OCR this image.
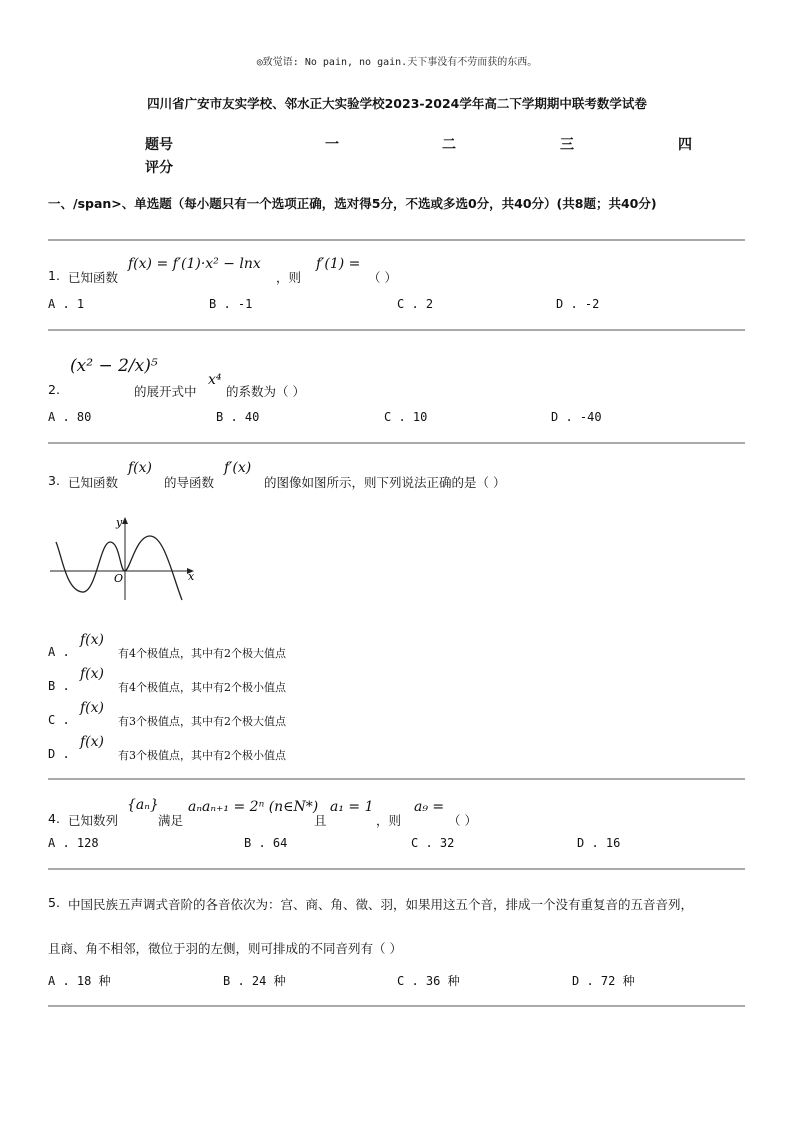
◎致觉语: No pain, no gain.天下事没有不劳而获的东西。
四川省广安市友实学校、邻水正大实验学校2023-2024学年高二下学期期中联考数学试卷
题号	一	二	三	四
评分
一、/span>、单选题（每小题只有一个选项正确，选对得5分，不选或多选0分，共40分）(共8题；共40分)
1. 已知函数
f(x) = f′(1)·x² − lnx
，则
f′(1) =
（ ）
A . 1	B . -1	C . 2	D . -2
2.
(x² − 2/x)⁵
的展开式中
x⁴
的系数为（ ）
A . 80	B . 40	C . 10	D . -40
3. 已知函数
f(x)
的导函数
f′(x)
的图像如图所示，则下列说法正确的是（ ）
y
x
O
A .
f(x)
有4个极值点，其中有2个极大值点
B .
f(x)
有4个极值点，其中有2个极小值点
C .
f(x)
有3个极值点，其中有2个极大值点
D .
f(x)
有3个极值点，其中有2个极小值点
4. 已知数列
{aₙ}
满足
aₙaₙ₊₁ = 2ⁿ (n∈N*)
且
a₁ = 1
，则
a₉ =
（ ）
A . 128	B . 64	C . 32	D . 16
5. 中国民族五声调式音阶的各音依次为：宫、商、角、徵、羽，如果用这五个音，排成一个没有重复音的五音音列，
且商、角不相邻，徵位于羽的左侧，则可排成的不同音列有（ ）
A . 18 种	B . 24 种	C . 36 种	D . 72 种
